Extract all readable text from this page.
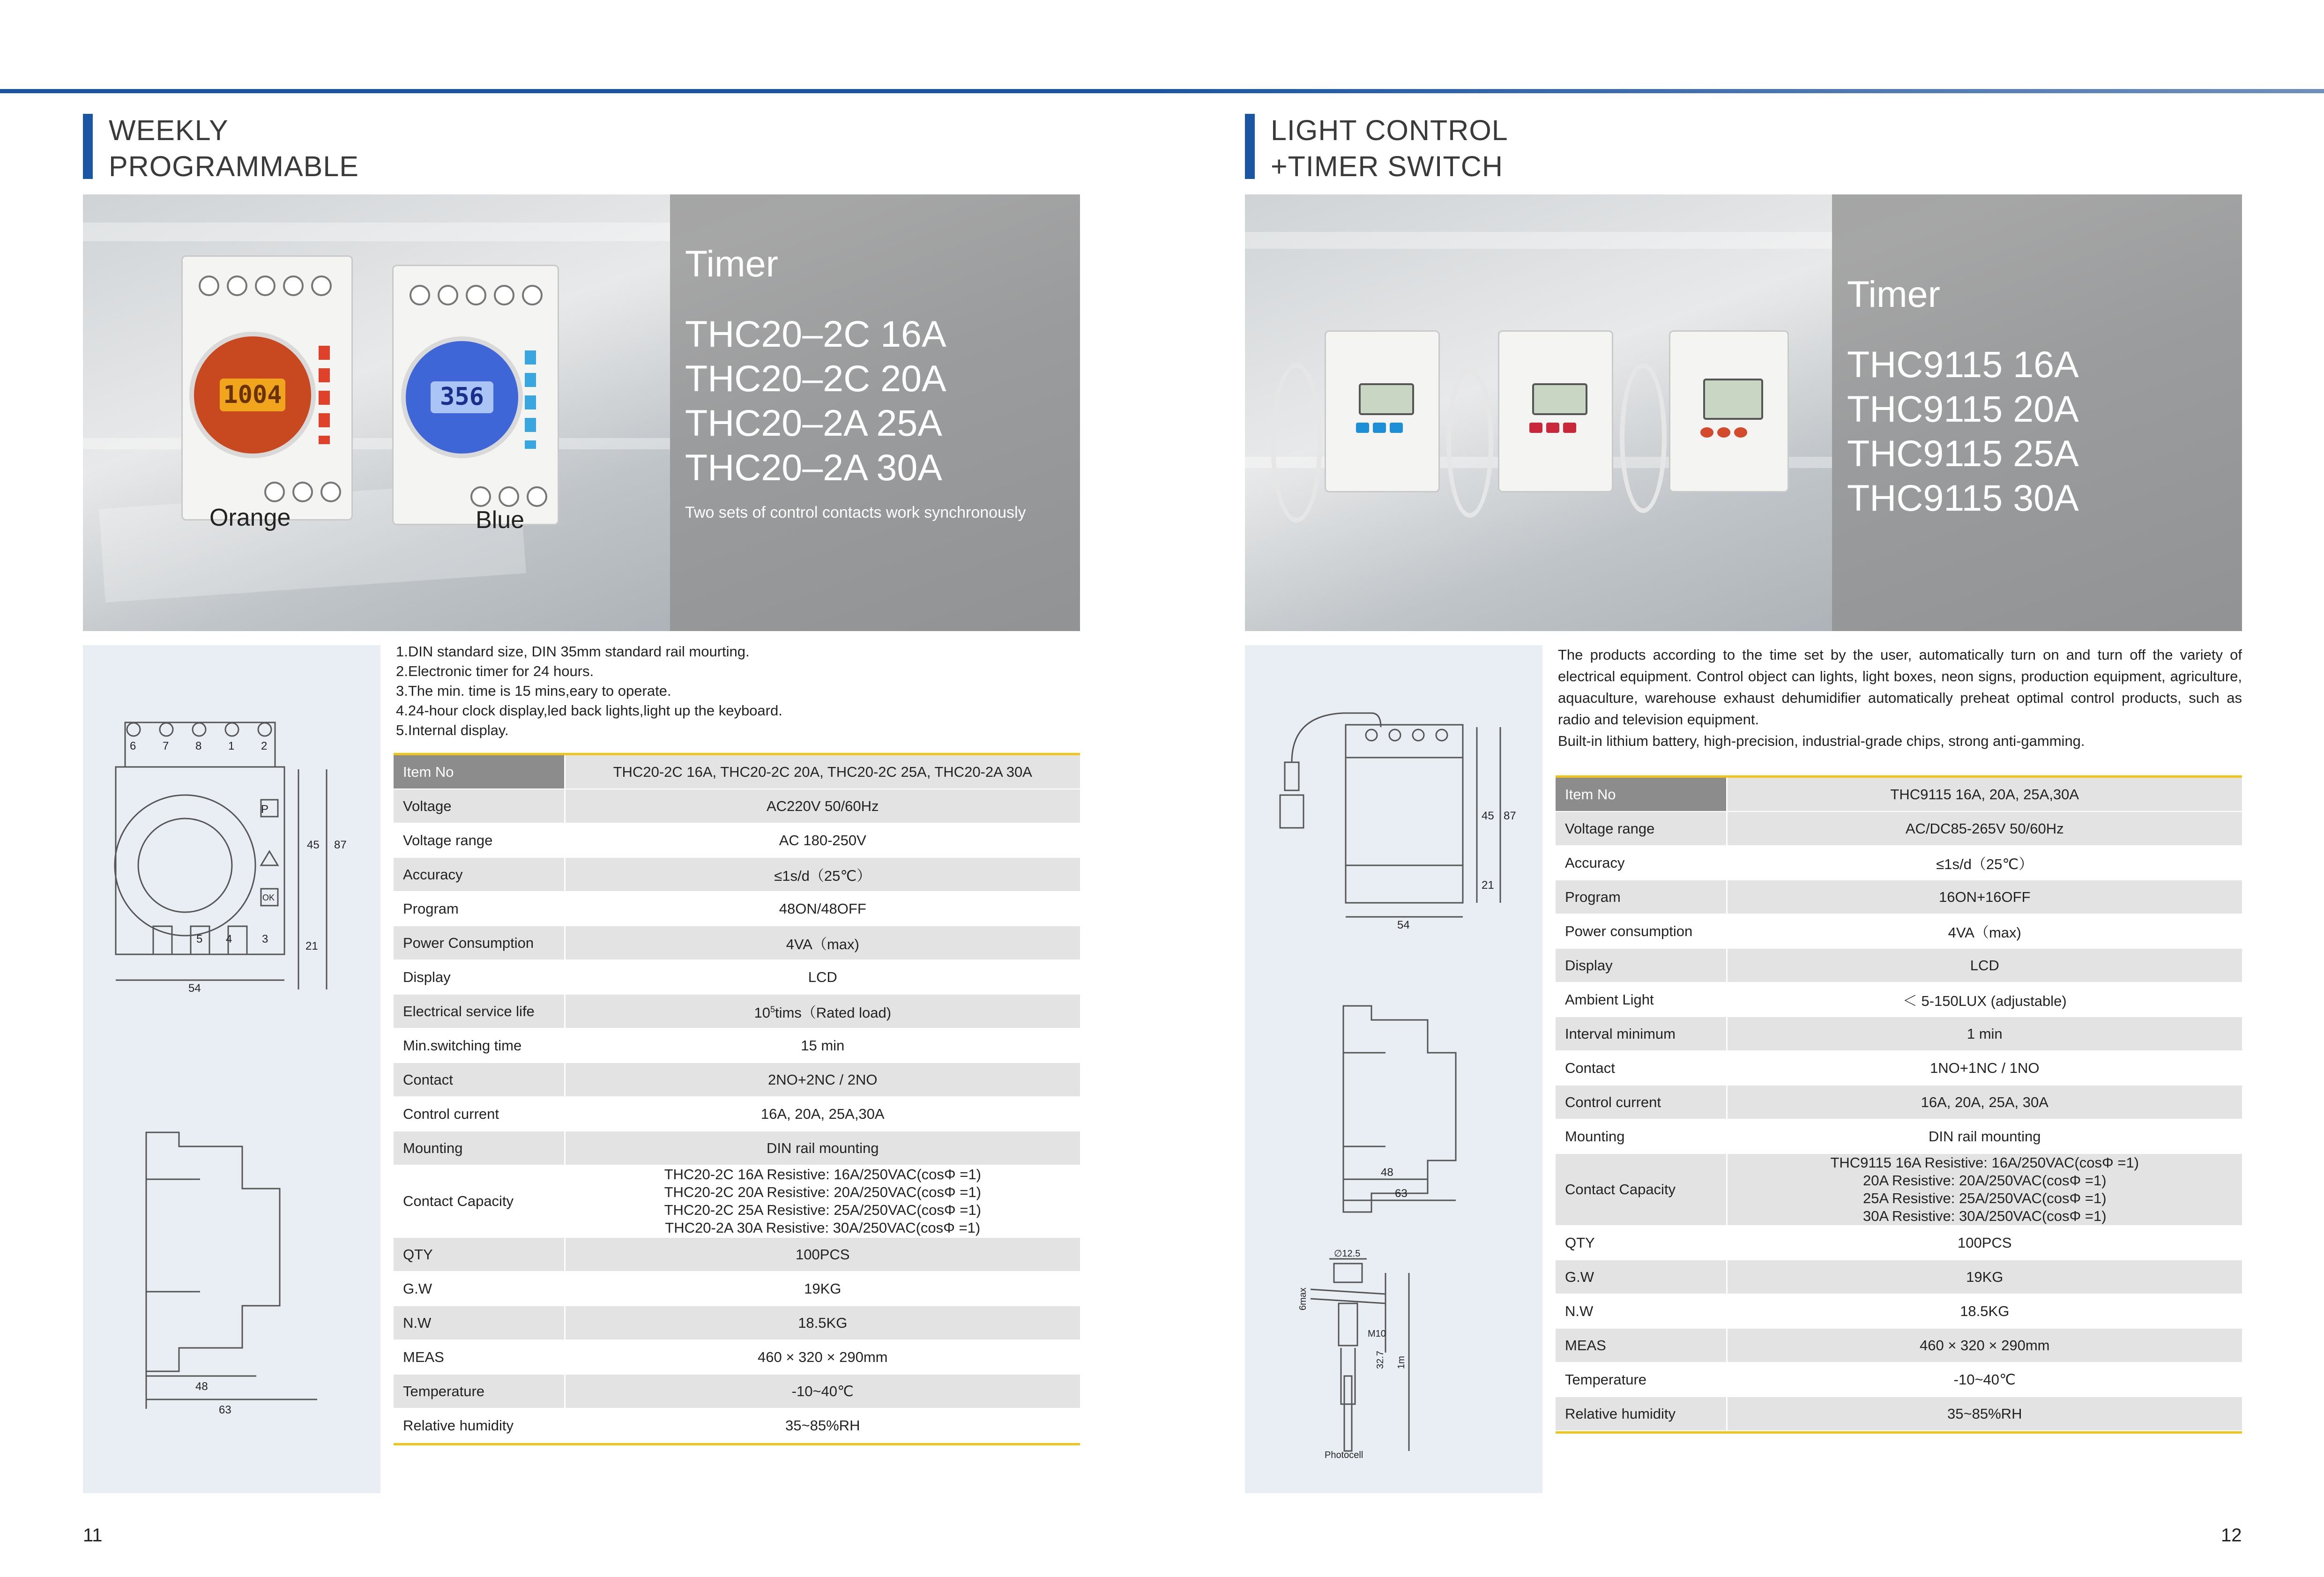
WEEKLY
PROGRAMMABLE
1004	356
Orange	Blue
Timer
THC20–2C 16A
THC20–2C 20A
THC20–2A 25A
THC20–2A 30A
Two sets of control contacts work synchronously
6 7 8 1 2
P
OK
5 4	3
45 87
21
54
48
63
1.DIN standard size, DIN 35mm standard rail mourting.
2.Electronic timer for 24 hours.
3.The min. time is 15 mins,eary to operate.
4.24-hour clock display,led back lights,light up the keyboard.
5.Internal display.
Item No	THC20-2C 16A, THC20-2C 20A, THC20-2C 25A, THC20-2A 30A
Voltage	AC220V 50/60Hz
Voltage range	AC 180-250V
Accuracy	≤1s/d（25℃）
Program	48ON/48OFF
Power Consumption	4VA（max)
Display	LCD
Electrical service life	$10^5tims(Rated$ load)
Min.switching time	15 min
Contact	2NO+2NC / 2NO
Control current	16A, 20A, 25A,30A
Mounting	DIN rail mounting
Contact Capacity	THC20-2C 16A Resistive: 16A/250VAC(cosΦ =1)
THC20-2C 20A Resistive: 20A/250VAC(cosΦ =1)
THC20-2C 25A Resistive: 25A/250VAC(cosΦ =1)
THC20-2A 30A Resistive: 30A/250VAC(cosΦ =1)

QTY	100PCS
G.W	19KG
N.W	18.5KG
MEAS	460 × 320 × 290mm
Temperature	-10~40℃
Relative humidity	35~85%RH
11
LIGHT CONTROL
+TIMER SWITCH
Timer
THC9115 16A
THC9115 20A
THC9115 25A
THC9115 30A
45 87
21
54
48
63
∅12.5
6max
M10
32.7 1m
Photocell
The products according to the time set by the user, automatically turn on and turn off the variety of electrical equipment. Control object can lights, light boxes, neon signs, production equipment, agriculture, aquaculture, warehouse exhaust dehumidifier automatically preheat optimal control products, such as radio and television equipment.
Built-in lithium battery, high-precision, industrial-grade chips, strong anti-gamming.
Item No	THC9115 16A, 20A, 25A,30A
Voltage range	AC/DC85-265V 50/60Hz
Accuracy	≤1s/d（25℃）
Program	16ON+16OFF
Power consumption	4VA（max)
Display	LCD
Ambient Light	＜ 5-150LUX (adjustable)
Interval minimum	1 min
Contact	1NO+1NC / 1NO
Control current	16A, 20A, 25A, 30A
Mounting	DIN rail mounting
Contact Capacity	THC9115 16A Resistive: 16A/250VAC(cosΦ =1)
20A Resistive: 20A/250VAC(cosΦ =1)
25A Resistive: 25A/250VAC(cosΦ =1)
30A Resistive: 30A/250VAC(cosΦ =1)

QTY	100PCS
G.W	19KG
N.W	18.5KG
MEAS	460 × 320 × 290mm
Temperature	-10~40℃
Relative humidity	35~85%RH
12
